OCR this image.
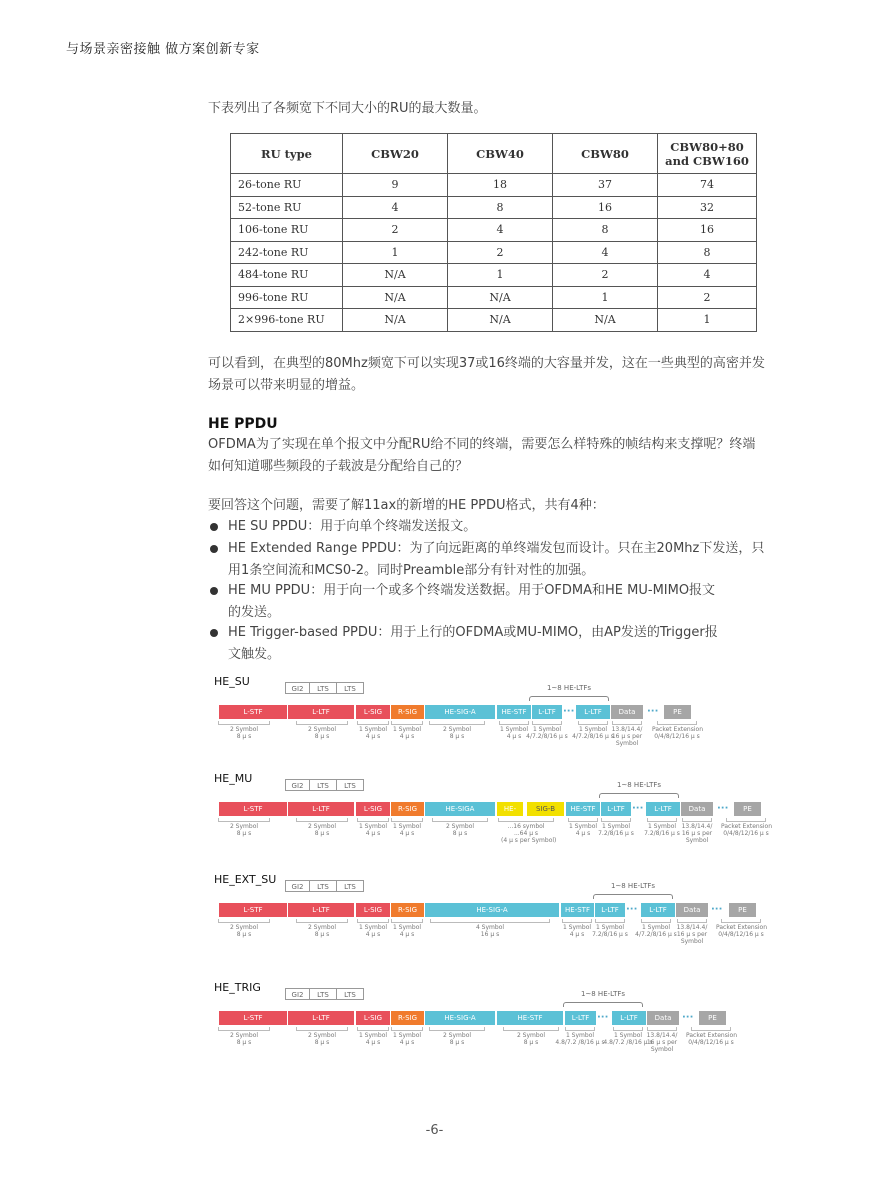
与场景亲密接触 做方案创新专家
下表列出了各频宽下不同大小的RU的最大数量。
RU type	CBW20	CBW40	CBW80	CBW80+80 and CBW160
26-tone RU	9	18	37	74
52-tone RU	4	8	16	32
106-tone RU	2	4	8	16
242-tone RU	1	2	4	8
484-tone RU	N/A	1	2	4
996-tone RU	N/A	N/A	1	2
2×996-tone RU	N/A	N/A	N/A	1
可以看到，在典型的80Mhz频宽下可以实现37或16终端的大容量并发，这在一些典型的高密并发
场景可以带来明显的增益。
HE PPDU
OFDMA为了实现在单个报文中分配RU给不同的终端，需要怎么样特殊的帧结构来支撑呢？终端
如何知道哪些频段的子载波是分配给自己的？
要回答这个问题，需要了解11ax的新增的HE PPDU格式，共有4种：
HE SU PPDU：用于向单个终端发送报文。
HE Extended Range PPDU：为了向远距离的单终端发包而设计。只在主20Mhz下发送，只
用1条空间流和MCS0-2。同时Preamble部分有针对性的加强。
HE MU PPDU：用于向一个或多个终端发送数据。用于OFDMA和HE MU-MIMO报文
的发送。
HE Trigger-based PPDU：用于上行的OFDMA或MU-MIMO，由AP发送的Trigger报
文触发。
HE_SU
GI2	LTS	LTS
L-STF	L-LTF	L-SIG	R-SIG	HE-SIG-A	HE-STF	L-LTF	L-LTF	Data	PE
···	···
1~8 HE-LTFs
2 Symbol
8 μ s
2 Symbol
8 μ s
1 Symbol
4 μ s
1 Symbol
4 μ s
2 Symbol
8 μ s
1 Symbol
4 μ s
1 Symbol
4/7.2/8/16 μ s
1 Symbol
4/7.2/8/16 μ s
13.8/14.4/
16 μ s per
Symbol
Packet Extension
0/4/8/12/16 μ s
HE_MU
GI2	LTS	LTS
L-STF	L-LTF	L-SIG	R-SIG	HE-SIGA	HE-	SIG-B	HE-STF	L-LTF	L-LTF	Data	PE
···	···
1~8 HE-LTFs
2 Symbol
8 μ s
2 Symbol
8 μ s
1 Symbol
4 μ s
1 Symbol
4 μ s
2 Symbol
8 μ s
...16 symbol
...64 μ s
(4 μ s per Symbol)
1 Symbol
4 μ s
1 Symbol
7.2/8/16 μ s
1 Symbol
7.2/8/16 μ s
13.8/14.4/
16 μ s per
Symbol
Packet Extension
0/4/8/12/16 μ s
HE_EXT_SU
GI2	LTS	LTS
L-STF	L-LTF	L-SIG	R-SIG	HE-SIG-A	HE-STF	L-LTF	L-LTF	Data	PE
···	···
1~8 HE-LTFs
2 Symbol
8 μ s
2 Symbol
8 μ s
1 Symbol
4 μ s
1 Symbol
4 μ s
4 Symbol
16 μ s
1 Symbol
4 μ s
1 Symbol
7.2/8/16 μ s
1 Symbol
4/7.2/8/16 μ s
13.8/14.4/
16 μ s per
Symbol
Packet Extension
0/4/8/12/16 μ s
HE_TRIG
GI2	LTS	LTS
L-STF	L-LTF	L-SIG	R-SIG	HE-SIG-A	HE-STF	L-LTF	L-LTF	Data	PE
···	···
1~8 HE-LTFs
2 Symbol
8 μ s
2 Symbol
8 μ s
1 Symbol
4 μ s
1 Symbol
4 μ s
2 Symbol
8 μ s
2 Symbol
8 μ s
1 Symbol
4.8/7.2 /8/16 μ s
1 Symbol
4.8/7.2 /8/16 μ s
13.8/14.4/
16 μ s per
Symbol
Packet Extension
0/4/8/12/16 μ s
-6-
